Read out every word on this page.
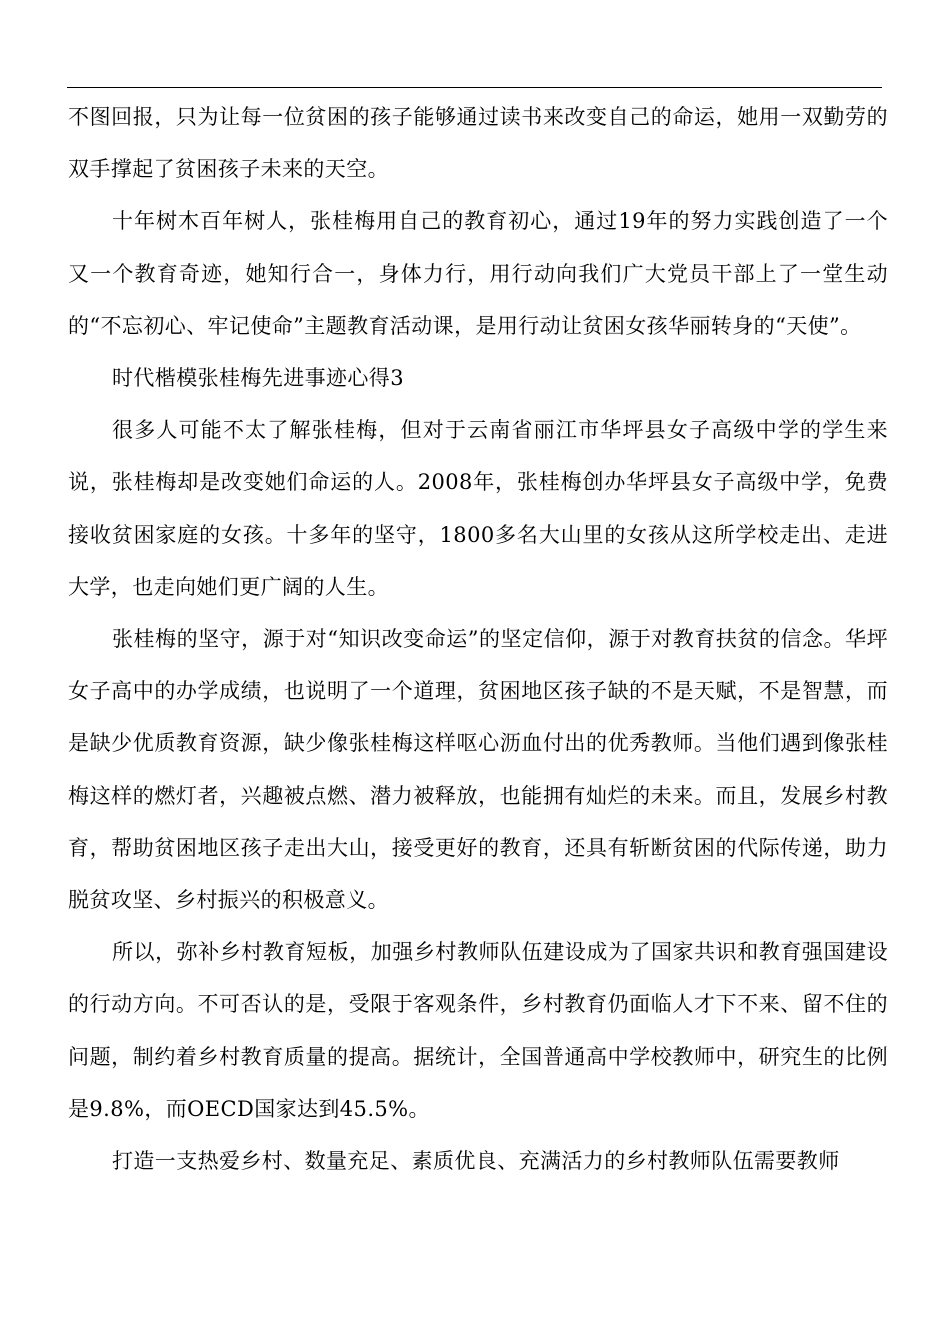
不图回报，只为让每一位贫困的孩子能够通过读书来改变自己的命运，她用一双勤劳的双手撑起了贫困孩子未来的天空。

十年树木百年树人，张桂梅用自己的教育初心，通过19年的努力实践创造了一个又一个教育奇迹，她知行合一，身体力行，用行动向我们广大党员干部上了一堂生动的“不忘初心、牢记使命”主题教育活动课，是用行动让贫困女孩华丽转身的“天使”。

时代楷模张桂梅先进事迹心得3

很多人可能不太了解张桂梅，但对于云南省丽江市华坪县女子高级中学的学生来说，张桂梅却是改变她们命运的人。2008年，张桂梅创办华坪县女子高级中学，免费接收贫困家庭的女孩。十多年的坚守，1800多名大山里的女孩从这所学校走出、走进大学，也走向她们更广阔的人生。

张桂梅的坚守，源于对“知识改变命运”的坚定信仰，源于对教育扶贫的信念。华坪女子高中的办学成绩，也说明了一个道理，贫困地区孩子缺的不是天赋，不是智慧，而是缺少优质教育资源，缺少像张桂梅这样呕心沥血付出的优秀教师。当他们遇到像张桂梅这样的燃灯者，兴趣被点燃、潜力被释放，也能拥有灿烂的未来。而且，发展乡村教育，帮助贫困地区孩子走出大山，接受更好的教育，还具有斩断贫困的代际传递，助力脱贫攻坚、乡村振兴的积极意义。

所以，弥补乡村教育短板，加强乡村教师队伍建设成为了国家共识和教育强国建设的行动方向。不可否认的是，受限于客观条件，乡村教育仍面临人才下不来、留不住的问题，制约着乡村教育质量的提高。据统计，全国普通高中学校教师中，研究生的比例是9.8%，而OECD国家达到45.5%。

打造一支热爱乡村、数量充足、素质优良、充满活力的乡村教师队伍需要教师
